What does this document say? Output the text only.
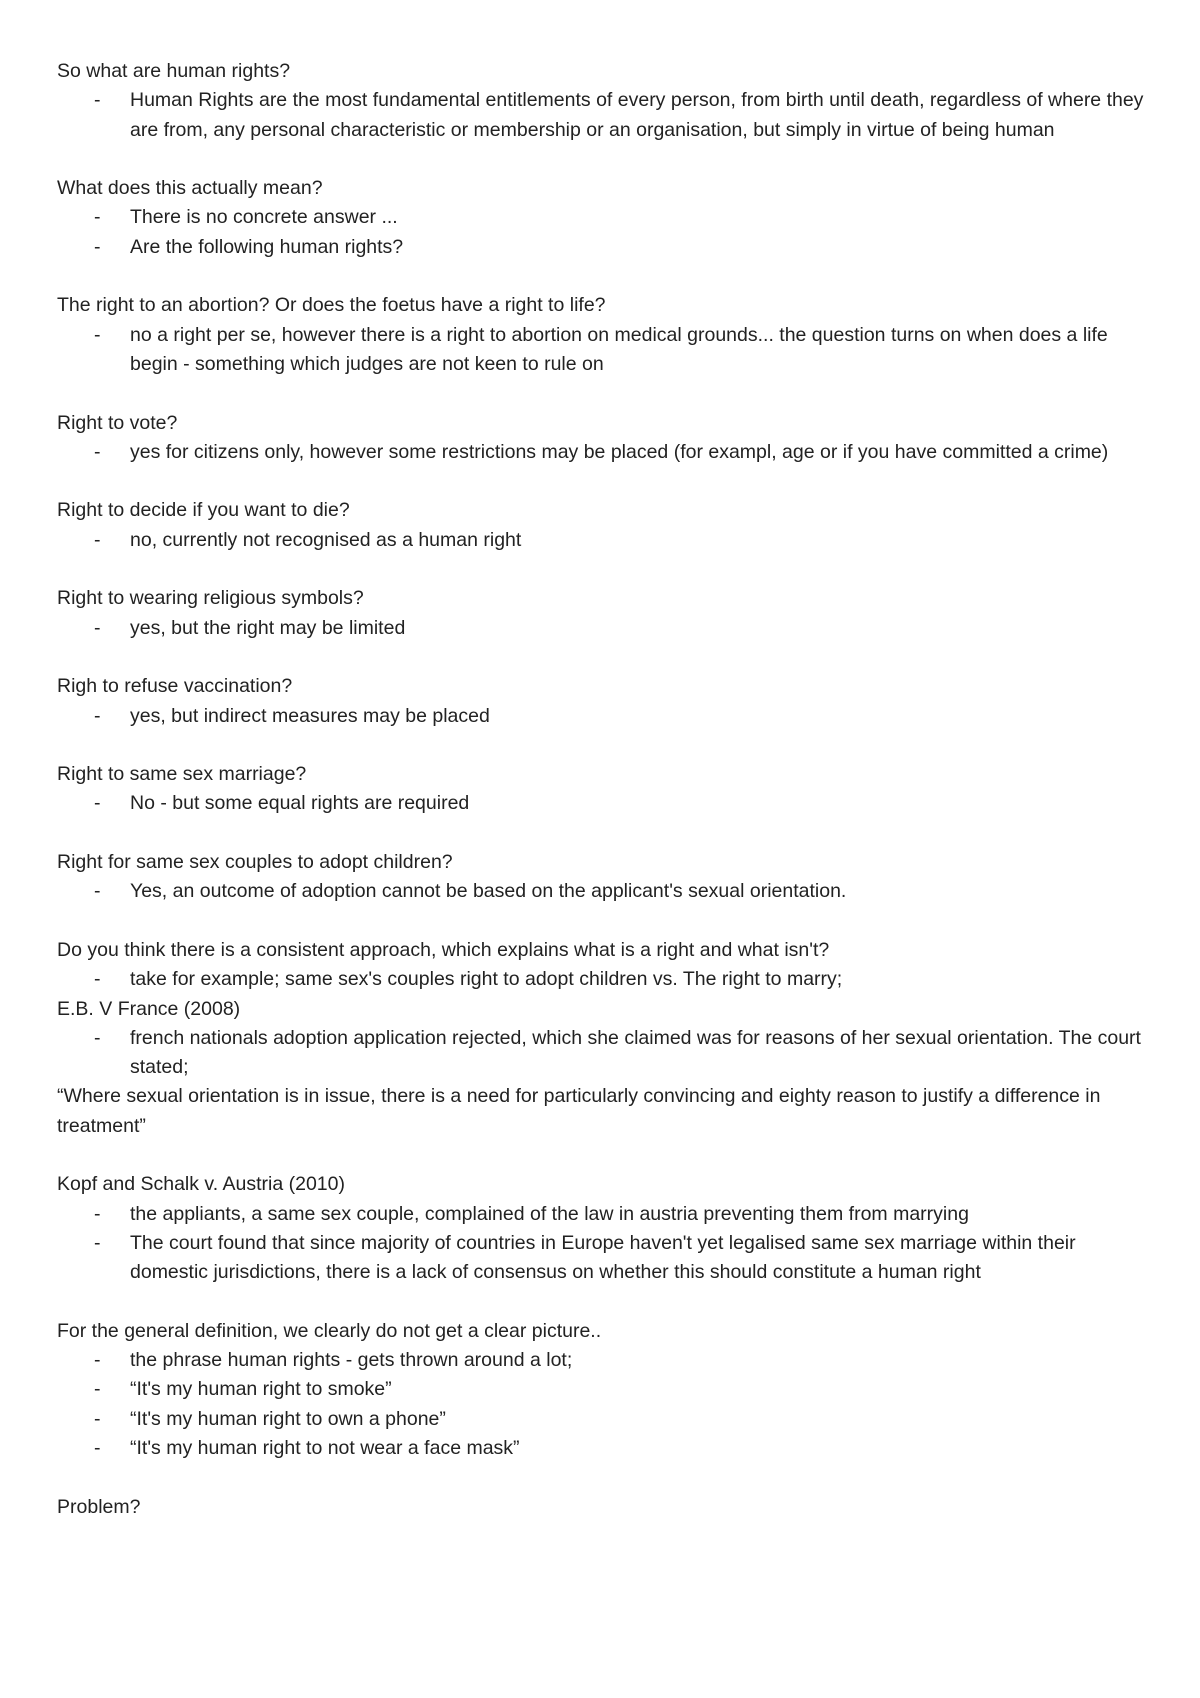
So what are human rights?

- Human Rights are the most fundamental entitlements of every person, from birth until death, regardless of where they are from, any personal characteristic or membership or an organisation, but simply in virtue of being human

What does this actually mean?

- There is no concrete answer ...
- Are the following human rights?

The right to an abortion? Or does the foetus have a right to life?

- no a right per se, however there is a right to abortion on medical grounds... the question turns on when does a life begin - something which judges are not keen to rule on

Right to vote?

- yes for citizens only, however some restrictions may be placed (for exampl, age or if you have committed a crime)

Right to decide if you want to die?

- no, currently not recognised as a human right

Right to wearing religious symbols?

- yes, but the right may be limited

Righ to refuse vaccination?

- yes, but indirect measures may be placed

Right to same sex marriage?

- No - but some equal rights are required

Right for same sex couples to adopt children?

- Yes, an outcome of adoption cannot be based on the applicant's sexual orientation.

Do you think there is a consistent approach, which explains what is a right and what isn't?

- take for example; same sex's couples right to adopt children vs. The right to marry;

E.B. V France (2008)

- french nationals adoption application rejected, which she claimed was for reasons of her sexual orientation. The court stated;

“Where sexual orientation is in issue, there is a need for particularly convincing and eighty reason to justify a difference in treatment”

Kopf and Schalk v. Austria (2010)

- the appliants, a same sex couple, complained of the law in austria preventing them from marrying
- The court found that since majority of countries in Europe haven't yet legalised same sex marriage within their domestic jurisdictions, there is a lack of consensus on whether this should constitute a human right

For the general definition, we clearly do not get a clear picture..

- the phrase human rights - gets thrown around a lot;
- “It's my human right to smoke”
- “It's my human right to own a phone”
- “It's my human right to not wear a face mask”

Problem?
